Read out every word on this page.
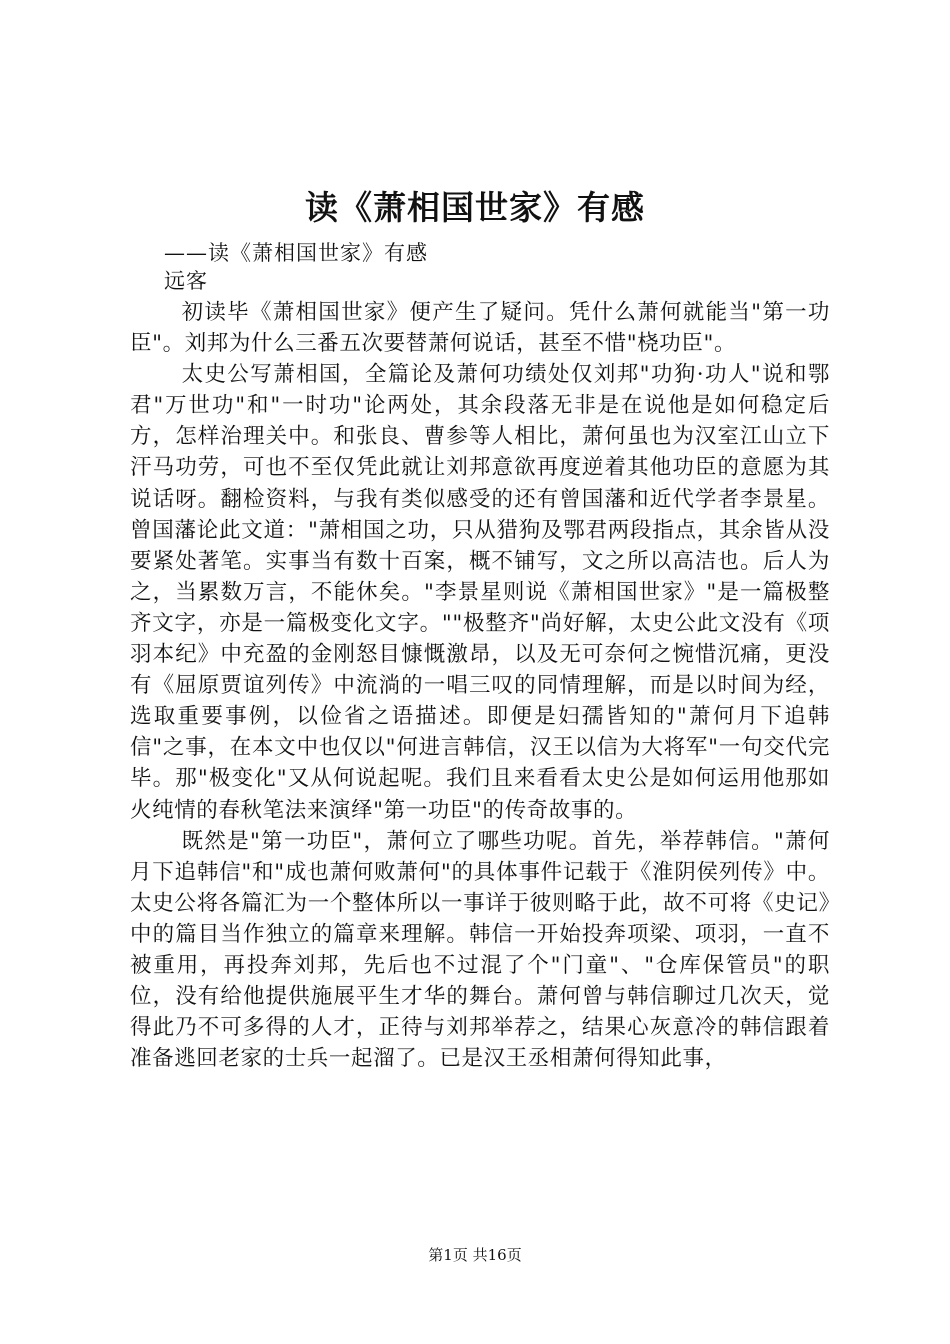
读《萧相国世家》有感
——读《萧相国世家》有感
远客

初读毕《萧相国世家》便产生了疑问。凭什么萧何就能当"第一功臣"。刘邦为什么三番五次要替萧何说话，甚至不惜"桡功臣"。

太史公写萧相国，全篇论及萧何功绩处仅刘邦"功狗·功人"说和鄂君"万世功"和"一时功"论两处，其余段落无非是在说他是如何稳定后方，怎样治理关中。和张良、曹参等人相比，萧何虽也为汉室江山立下汗马功劳，可也不至仅凭此就让刘邦意欲再度逆着其他功臣的意愿为其说话呀。翻检资料，与我有类似感受的还有曾国藩和近代学者李景星。曾国藩论此文道："萧相国之功，只从猎狗及鄂君两段指点，其余皆从没要紧处著笔。实事当有数十百案，概不铺写，文之所以高洁也。后人为之，当累数万言，不能休矣。"李景星则说《萧相国世家》"是一篇极整齐文字，亦是一篇极变化文字。""极整齐"尚好解，太史公此文没有《项羽本纪》中充盈的金刚怒目慷慨激昂，以及无可奈何之惋惜沉痛，更没有《屈原贾谊列传》中流淌的一唱三叹的同情理解，而是以时间为经，选取重要事例，以俭省之语描述。即便是妇孺皆知的"萧何月下追韩信"之事，在本文中也仅以"何进言韩信，汉王以信为大将军"一句交代完毕。那"极变化"又从何说起呢。我们且来看看太史公是如何运用他那如火纯情的春秋笔法来演绎"第一功臣"的传奇故事的。

既然是"第一功臣"，萧何立了哪些功呢。首先，举荐韩信。"萧何月下追韩信"和"成也萧何败萧何"的具体事件记载于《淮阴侯列传》中。太史公将各篇汇为一个整体所以一事详于彼则略于此，故不可将《史记》中的篇目当作独立的篇章来理解。韩信一开始投奔项梁、项羽，一直不被重用，再投奔刘邦，先后也不过混了个"门童"、"仓库保管员"的职位，没有给他提供施展平生才华的舞台。萧何曾与韩信聊过几次天，觉得此乃不可多得的人才，正待与刘邦举荐之，结果心灰意冷的韩信跟着准备逃回老家的士兵一起溜了。已是汉王丞相萧何得知此事，

第1页 共16页
